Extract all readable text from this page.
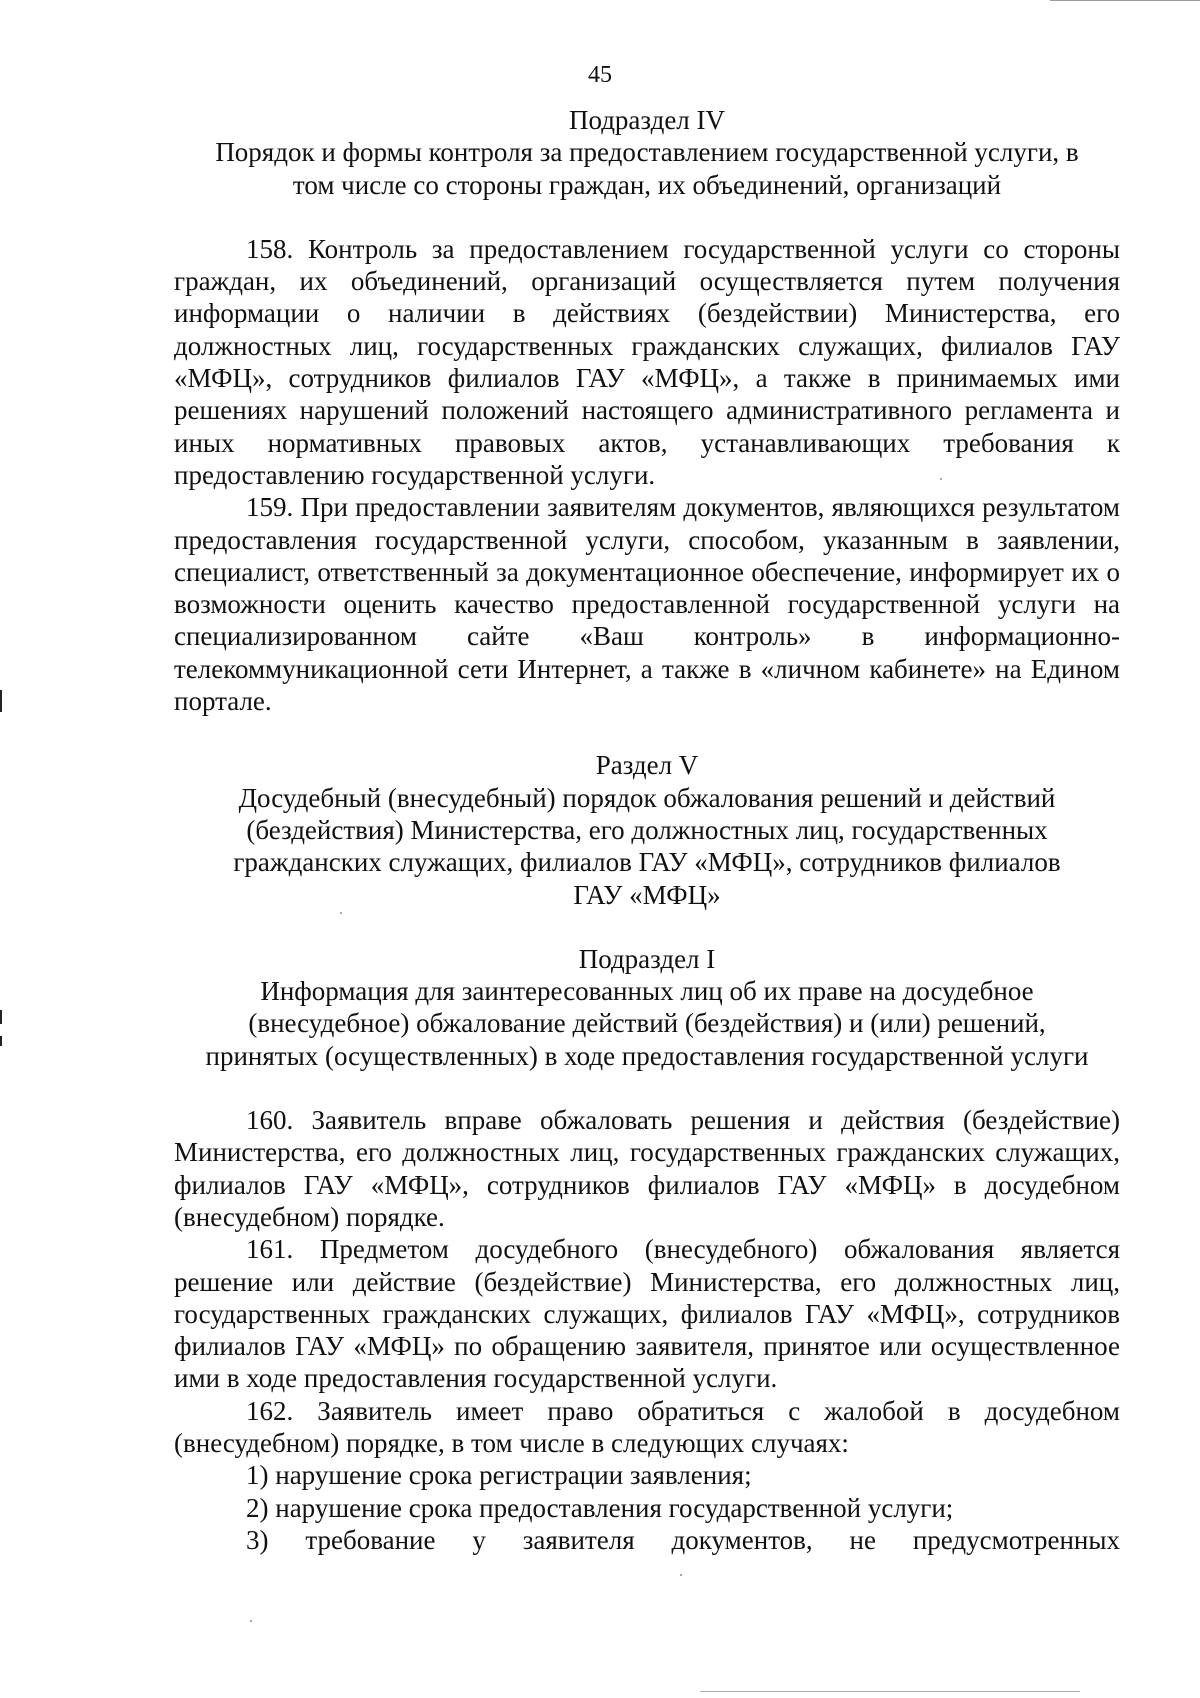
45

Подраздел IV

Порядок и формы контроля за предоставлением государственной услуги, в

том числе со стороны граждан, их объединений, организаций

158. Контроль за предоставлением государственной услуги со стороны граждан, их объединений, организаций осуществляется путем получения информации о наличии в действиях (бездействии) Министерства, его должностных лиц, государственных гражданских служащих, филиалов ГАУ «МФЦ», сотрудников филиалов ГАУ «МФЦ», а также в принимаемых ими решениях нарушений положений настоящего административного регламента и иных нормативных правовых актов, устанавливающих требования к предоставлению государственной услуги.

159. При предоставлении заявителям документов, являющихся результатом предоставления государственной услуги, способом, указанным в заявлении, специалист, ответственный за документационное обеспечение, информирует их о возможности оценить качество предоставленной государственной услуги на специализированном сайте «Ваш контроль» в информационно-телекоммуникационной сети Интернет, а также в «личном кабинете» на Едином портале.

Раздел V

Досудебный (внесудебный) порядок обжалования решений и действий

(бездействия) Министерства, его должностных лиц, государственных

гражданских служащих, филиалов ГАУ «МФЦ», сотрудников филиалов

ГАУ «МФЦ»

Подраздел I

Информация для заинтересованных лиц об их праве на досудебное

(внесудебное) обжалование действий (бездействия) и (или) решений,

принятых (осуществленных) в ходе предоставления государственной услуги

160. Заявитель вправе обжаловать решения и действия (бездействие) Министерства, его должностных лиц, государственных гражданских служащих, филиалов ГАУ «МФЦ», сотрудников филиалов ГАУ «МФЦ» в досудебном (внесудебном) порядке.

161. Предметом досудебного (внесудебного) обжалования является решение или действие (бездействие) Министерства, его должностных лиц, государственных гражданских служащих, филиалов ГАУ «МФЦ», сотрудников филиалов ГАУ «МФЦ» по обращению заявителя, принятое или осуществленное ими в ходе предоставления государственной услуги.

162. Заявитель имеет право обратиться с жалобой в досудебном (внесудебном) порядке, в том числе в следующих случаях:

1) нарушение срока регистрации заявления;

2) нарушение срока предоставления государственной услуги;

3) требование у заявителя документов, не предусмотренных
